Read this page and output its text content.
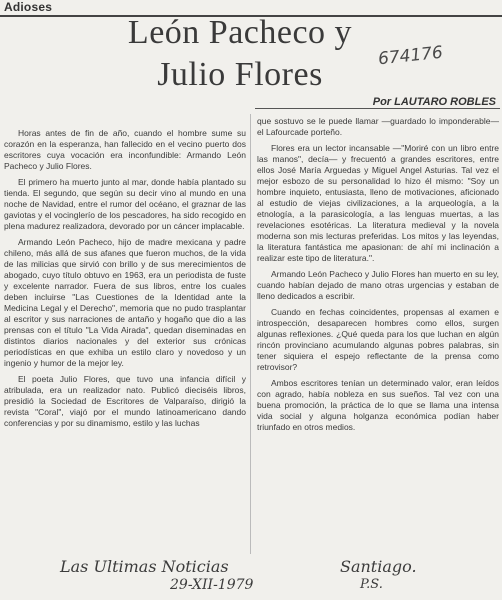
Adioses
León Pacheco y
Julio Flores	674176
Por LAUTARO ROBLES

Horas antes de fin de año, cuando el hombre sume su corazón en la esperanza, han fallecido en el vecino puerto dos escritores cuya vocación era inconfundible: Armando León Pacheco y Julio Flores.

El primero ha muerto junto al mar, donde había plantado su tienda. El segundo, que según su decir vino al mundo en una noche de Navidad, entre el rumor del océano, el graznar de las gaviotas y el vocinglerío de los pescadores, ha sido recogido en plena madurez realizadora, devorado por un cáncer implacable.

Armando León Pacheco, hijo de madre mexicana y padre chileno, más allá de sus afanes que fueron muchos, de la vida de las milicias que sirvió con brillo y de sus merecimientos de abogado, cuyo título obtuvo en 1963, era un periodista de fuste y excelente narrador. Fuera de sus libros, entre los cuales deben incluirse "Las Cuestiones de la Identidad ante la Medicina Legal y el Derecho", memoria que no pudo trasplantar al escritor y sus narraciones de antaño y hogaño que dio a las prensas con el título "La Vida Airada", quedan diseminadas en distintos diarios nacionales y del exterior sus crónicas periodísticas en que exhiba un estilo claro y novedoso y un ingenio y humor de la mejor ley.

El poeta Julio Flores, que tuvo una infancia difícil y atribulada, era un realizador nato. Publicó dieciséis libros, presidió la Sociedad de Escritores de Valparaíso, dirigió la revista "Coral", viajó por el mundo latinoamericano dando conferencias y por su dinamismo, estilo y las luchas

que sostuvo se le puede llamar —guardado lo imponderable— el Lafourcade porteño.

Flores era un lector incansable —"Moriré con un libro entre las manos", decía— y frecuentó a grandes escritores, entre ellos José María Arguedas y Miguel Angel Asturias. Tal vez el mejor esbozo de su personalidad lo hizo él mismo: "Soy un hombre inquieto, entusiasta, lleno de motivaciones, aficionado al estudio de viejas civilizaciones, a la arqueología, a la etnología, a la parasicología, a las lenguas muertas, a las revelaciones esotéricas. La literatura medieval y la novela moderna son mis lecturas preferidas. Los mitos y las leyendas, la literatura fantástica me apasionan: de ahí mi inclinación a realizar este tipo de literatura.".

Armando León Pacheco y Julio Flores han muerto en su ley, cuando habían dejado de mano otras urgencias y estaban de lleno dedicados a escribir.

Cuando en fechas coincidentes, propensas al examen e introspección, desaparecen hombres como ellos, surgen algunas reflexiones. ¿Qué queda para los que luchan en algún rincón provinciano acumulando algunas pobres palabras, sin tener siquiera el espejo reflectante de la prensa como retrovisor?

Ambos escritores tenían un determinado valor, eran leídos con agrado, había nobleza en sus sueños. Tal vez con una buena promoción, la práctica de lo que se llama una intensa vida social y alguna holganza económica podían haber triunfado en otros medios.

Las Ultimas Noticias	Santiago.
29-XII-1979	P.S.
